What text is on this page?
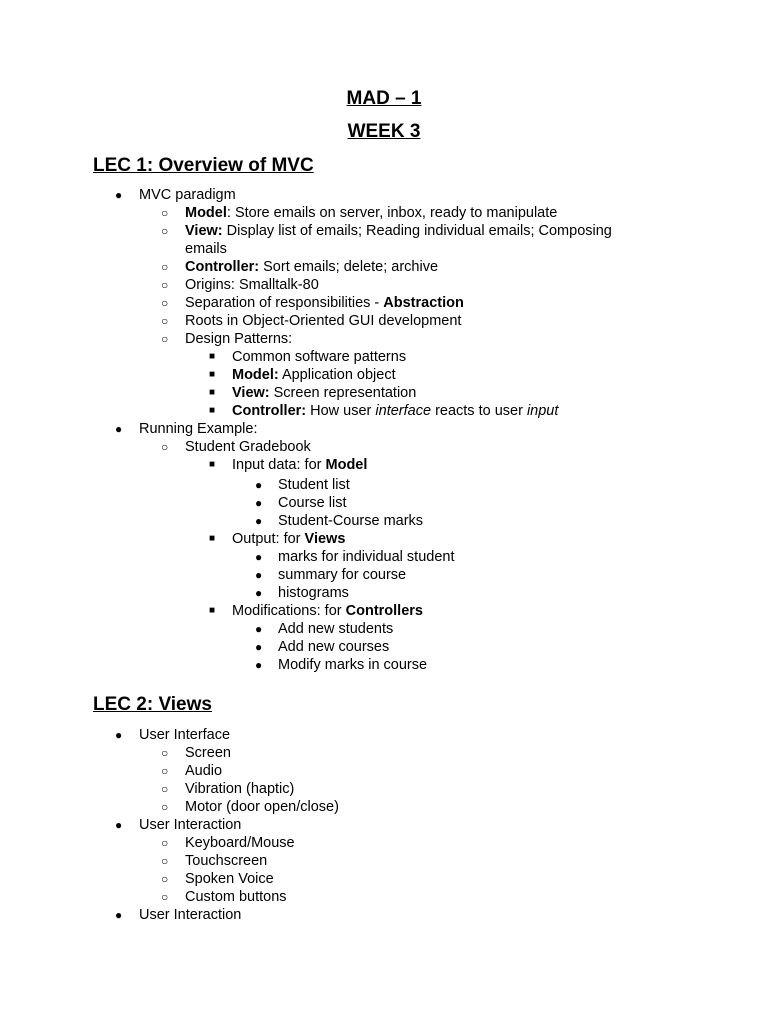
MAD – 1
WEEK 3
LEC 1: Overview of MVC
● MVC paradigm
○ Model: Store emails on server, inbox, ready to manipulate
○ View: Display list of emails; Reading individual emails; Composing
emails
○ Controller: Sort emails; delete; archive
○ Origins: Smalltalk-80
○ Separation of responsibilities - Abstraction
○ Roots in Object-Oriented GUI development
○ Design Patterns:
■ Common software patterns
■ Model: Application object
■ View: Screen representation
■ Controller: How user interface reacts to user input
● Running Example:
○ Student Gradebook
■ Input data: for Model
● Student list
● Course list
● Student-Course marks
■ Output: for Views
● marks for individual student
● summary for course
● histograms
■ Modifications: for Controllers
● Add new students
● Add new courses
● Modify marks in course
LEC 2: Views
● User Interface
○ Screen
○ Audio
○ Vibration (haptic)
○ Motor (door open/close)
● User Interaction
○ Keyboard/Mouse
○ Touchscreen
○ Spoken Voice
○ Custom buttons
● User Interaction
